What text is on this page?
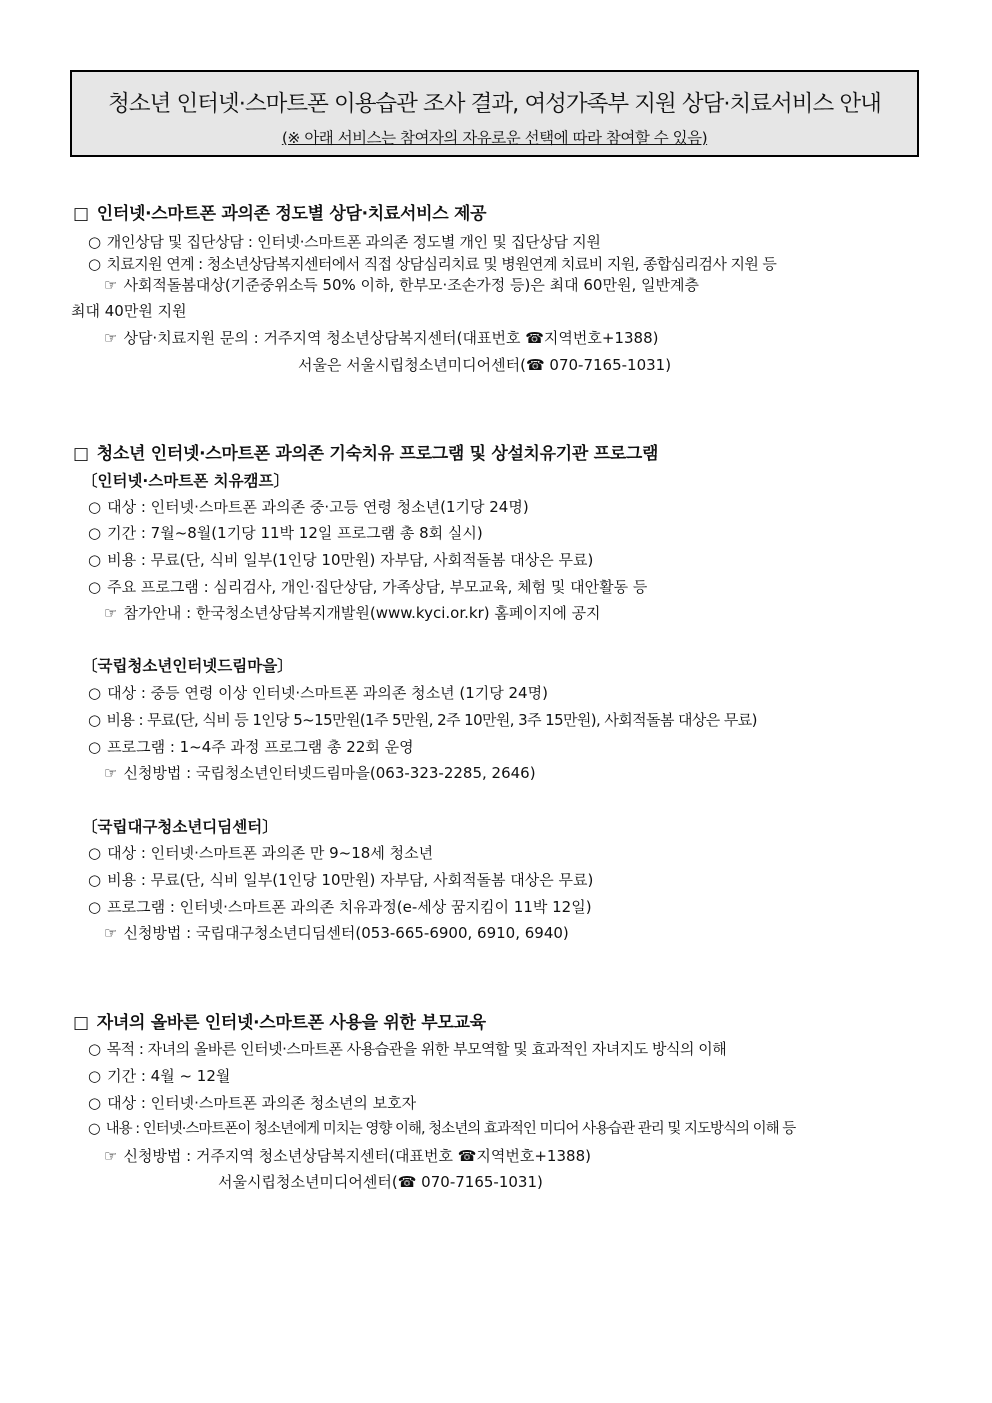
청소년 인터넷·스마트폰 이용습관 조사 결과, 여성가족부 지원 상담·치료서비스 안내
(※ 아래 서비스는 참여자의 자유로운 선택에 따라 참여할 수 있음)
□ 인터넷·스마트폰 과의존 정도별 상담·치료서비스 제공
○ 개인상담 및 집단상담 : 인터넷·스마트폰 과의존 정도별 개인 및 집단상담 지원
○ 치료지원 연계 : 청소년상담복지센터에서 직접 상담심리치료 및 병원연계 치료비 지원, 종합심리검사 지원 등
☞ 사회적돌봄대상(기준중위소득 50% 이하, 한부모·조손가정 등)은 최대 60만원, 일반계층
최대 40만원 지원
☞ 상담·치료지원 문의 : 거주지역 청소년상담복지센터(대표번호 ☎지역번호+1388)
서울은 서울시립청소년미디어센터(☎ 070-7165-1031)
□ 청소년 인터넷·스마트폰 과의존 기숙치유 프로그램 및 상설치유기관 프로그램
〔인터넷·스마트폰 치유캠프〕
○ 대상 : 인터넷·스마트폰 과의존 중·고등 연령 청소년(1기당 24명)
○ 기간 : 7월~8월(1기당 11박 12일 프로그램 총 8회 실시)
○ 비용 : 무료(단, 식비 일부(1인당 10만원) 자부담, 사회적돌봄 대상은 무료)
○ 주요 프로그램 : 심리검사, 개인·집단상담, 가족상담, 부모교육, 체험 및 대안활동 등
☞ 참가안내 : 한국청소년상담복지개발원(www.kyci.or.kr) 홈페이지에 공지
〔국립청소년인터넷드림마을〕
○ 대상 : 중등 연령 이상 인터넷·스마트폰 과의존 청소년 (1기당 24명)
○ 비용 : 무료(단, 식비 등 1인당 5~15만원(1주 5만원, 2주 10만원, 3주 15만원), 사회적돌봄 대상은 무료)
○ 프로그램 : 1~4주 과정 프로그램 총 22회 운영
☞ 신청방법 : 국립청소년인터넷드림마을(063-323-2285, 2646)
〔국립대구청소년디딤센터〕
○ 대상 : 인터넷·스마트폰 과의존 만 9~18세 청소년
○ 비용 : 무료(단, 식비 일부(1인당 10만원) 자부담, 사회적돌봄 대상은 무료)
○ 프로그램 : 인터넷·스마트폰 과의존 치유과정(e-세상 꿈지킴이 11박 12일)
☞ 신청방법 : 국립대구청소년디딤센터(053-665-6900, 6910, 6940)
□ 자녀의 올바른 인터넷·스마트폰 사용을 위한 부모교육
○ 목적 : 자녀의 올바른 인터넷·스마트폰 사용습관을 위한 부모역할 및 효과적인 자녀지도 방식의 이해
○ 기간 : 4월 ~ 12월
○ 대상 : 인터넷·스마트폰 과의존 청소년의 보호자
○ 내용 : 인터넷·스마트폰이 청소년에게 미치는 영향 이해, 청소년의 효과적인 미디어 사용습관 관리 및 지도방식의 이해 등
☞ 신청방법 : 거주지역 청소년상담복지센터(대표번호 ☎지역번호+1388)
서울시립청소년미디어센터(☎ 070-7165-1031)
